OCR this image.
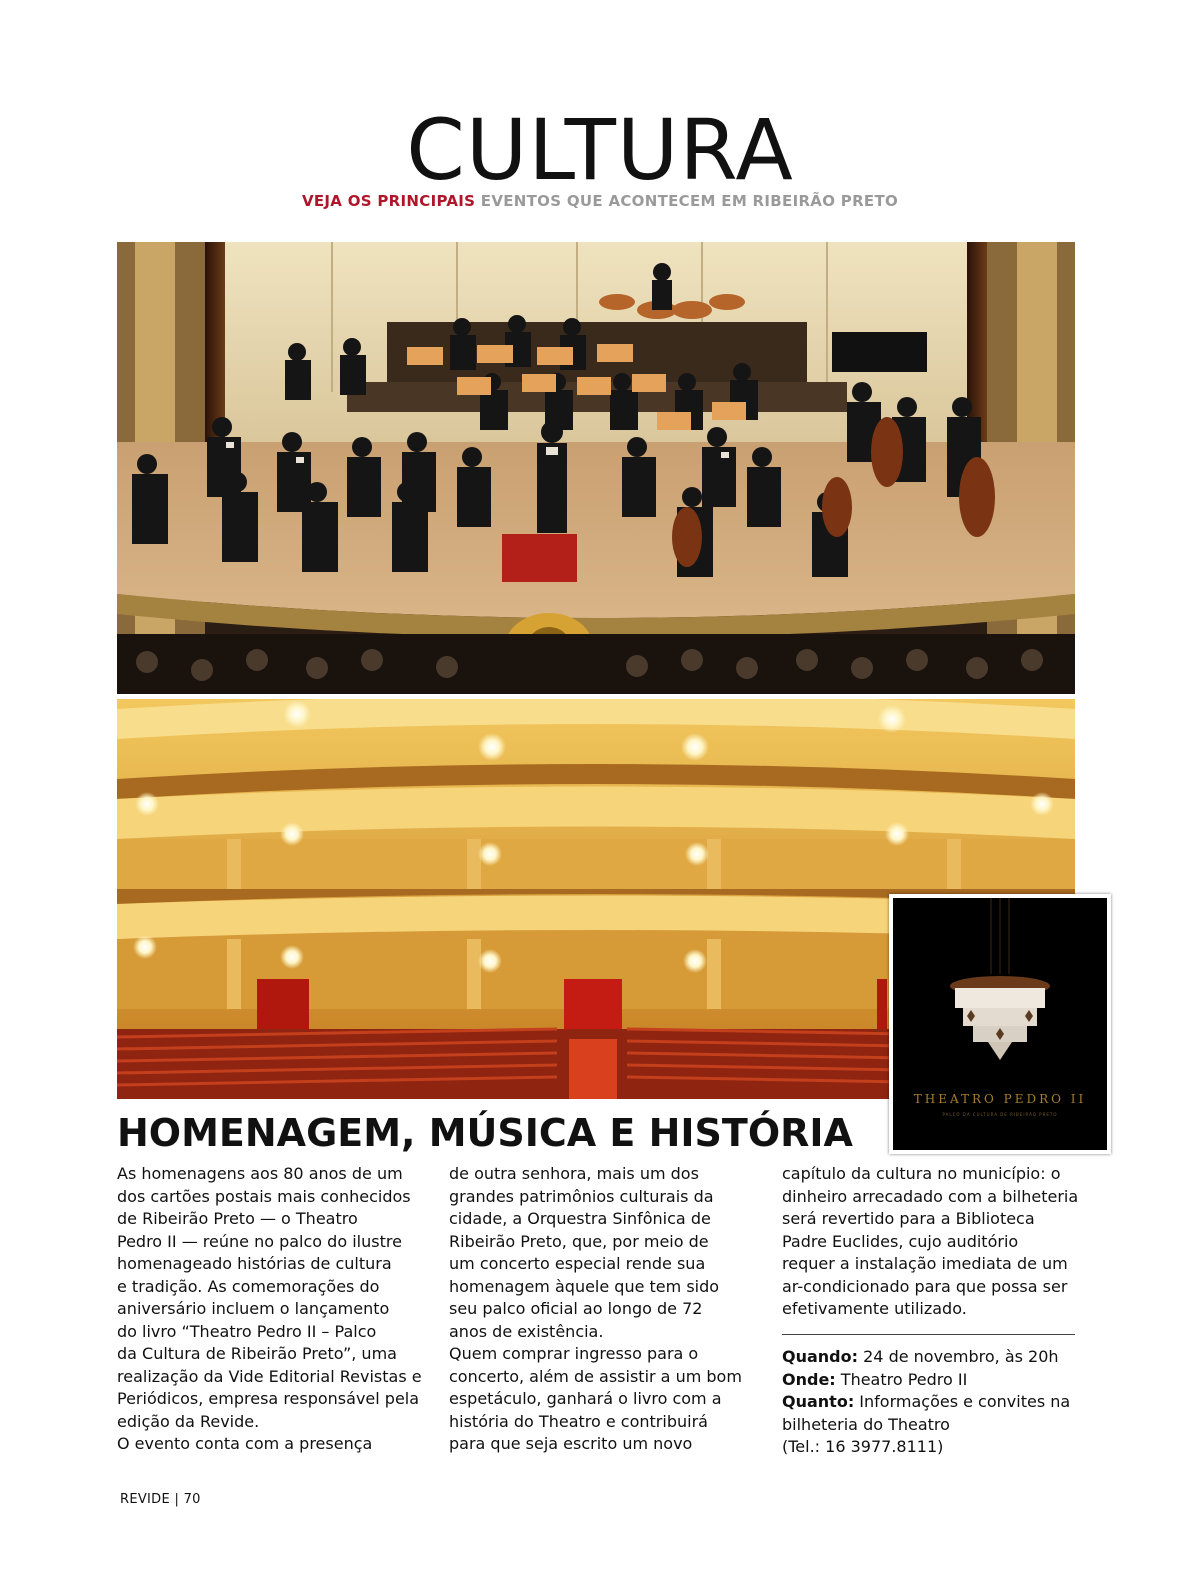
CULTURA
VEJA OS PRINCIPAIS EVENTOS QUE ACONTECEM EM RIBEIRÃO PRETO
THEATRO PEDRO II
PALCO DA CULTURA DE RIBEIRÃO PRETO
HOMENAGEM, MÚSICA E HISTÓRIA
As homenagens aos 80 anos de um
dos cartões postais mais conhecidos
de Ribeirão Preto — o Theatro
Pedro II — reúne no palco do ilustre
homenageado histórias de cultura
e tradição. As comemorações do
aniversário incluem o lançamento
do livro “Theatro Pedro II – Palco
da Cultura de Ribeirão Preto”, uma
realização da Vide Editorial Revistas e
Periódicos, empresa responsável pela
edição da Revide.
O evento conta com a presença
de outra senhora, mais um dos
grandes patrimônios culturais da
cidade, a Orquestra Sinfônica de
Ribeirão Preto, que, por meio de
um concerto especial rende sua
homenagem àquele que tem sido
seu palco oficial ao longo de 72
anos de existência.
Quem comprar ingresso para o
concerto, além de assistir a um bom
espetáculo, ganhará o livro com a
história do Theatro e contribuirá
para que seja escrito um novo
capítulo da cultura no município: o
dinheiro arrecadado com a bilheteria
será revertido para a Biblioteca
Padre Euclides, cujo auditório
requer a instalação imediata de um
ar-condicionado para que possa ser
efetivamente utilizado.
Quando: 24 de novembro, às 20h
Onde: Theatro Pedro II
Quanto: Informações e convites na
bilheteria do Theatro
(Tel.: 16 3977.8111)
REVIDE | 70
